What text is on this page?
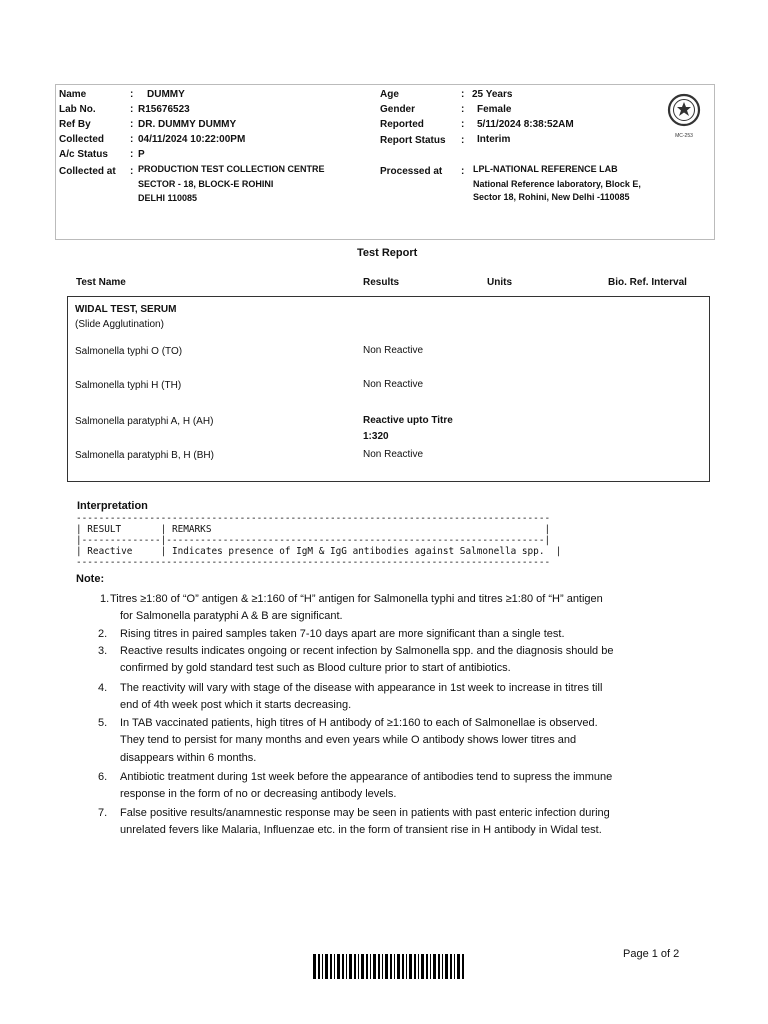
Name	: DUMMY
Lab No.	: R15676523
Ref By	: DR. DUMMY DUMMY
Collected	: 04/11/2024 10:22:00PM
A/c Status : P
Collected at : PRODUCTION TEST COLLECTION CENTRE
SECTOR - 18, BLOCK-E ROHINI
DELHI 110085
Age	: 25 Years
Gender	: Female
Reported	: 5/11/2024 8:38:52AM
Report Status : Interim
Processed at : LPL-NATIONAL REFERENCE LAB
National Reference laboratory, Block E,
Sector 18, Rohini, New Delhi -110085
MC-253
Test Report
Test Name	Results	Units	Bio. Ref. Interval
WIDAL TEST, SERUM
(Slide Agglutination)
Salmonella typhi O (TO)	Non Reactive
Salmonella typhi H (TH)	Non Reactive
Salmonella paratyphi A, H (AH)	Reactive upto Titre
1:320
Salmonella paratyphi B, H (BH)	Non Reactive
Interpretation
------------------------------------------------------------------------------------
| RESULT       | REMARKS                                                           |
|--------------|-------------------------------------------------------------------|
| Reactive     | Indicates presence of IgM & IgG antibodies against Salmonella spp.  |
------------------------------------------------------------------------------------
Note:
1. Titres ≥1:80 of “O” antigen & ≥1:160 of “H” antigen for Salmonella typhi and titres ≥1:80 of “H” antigen
for Salmonella paratyphi A & B are significant.
2. Rising titres in paired samples taken 7-10 days apart are more significant than a single test.
3. Reactive results indicates ongoing or recent infection by Salmonella spp. and the diagnosis should be
confirmed by gold standard test such as Blood culture prior to start of antibiotics.
4. The reactivity will vary with stage of the disease with appearance in 1st week to increase in titres till
end of 4th week post which it starts decreasing.
5. In TAB vaccinated patients, high titres of H antibody of ≥1:160 to each of Salmonellae is observed.
They tend to persist for many months and even years while O antibody shows lower titres and
disappears within 6 months.
6. Antibiotic treatment during 1st week before the appearance of antibodies tend to supress the immune
response in the form of no or decreasing antibody levels.
7. False positive results/anamnestic response may be seen in patients with past enteric infection during
unrelated fevers like Malaria, Influenzae etc. in the form of transient rise in H antibody in Widal test.
Page 1 of 2
